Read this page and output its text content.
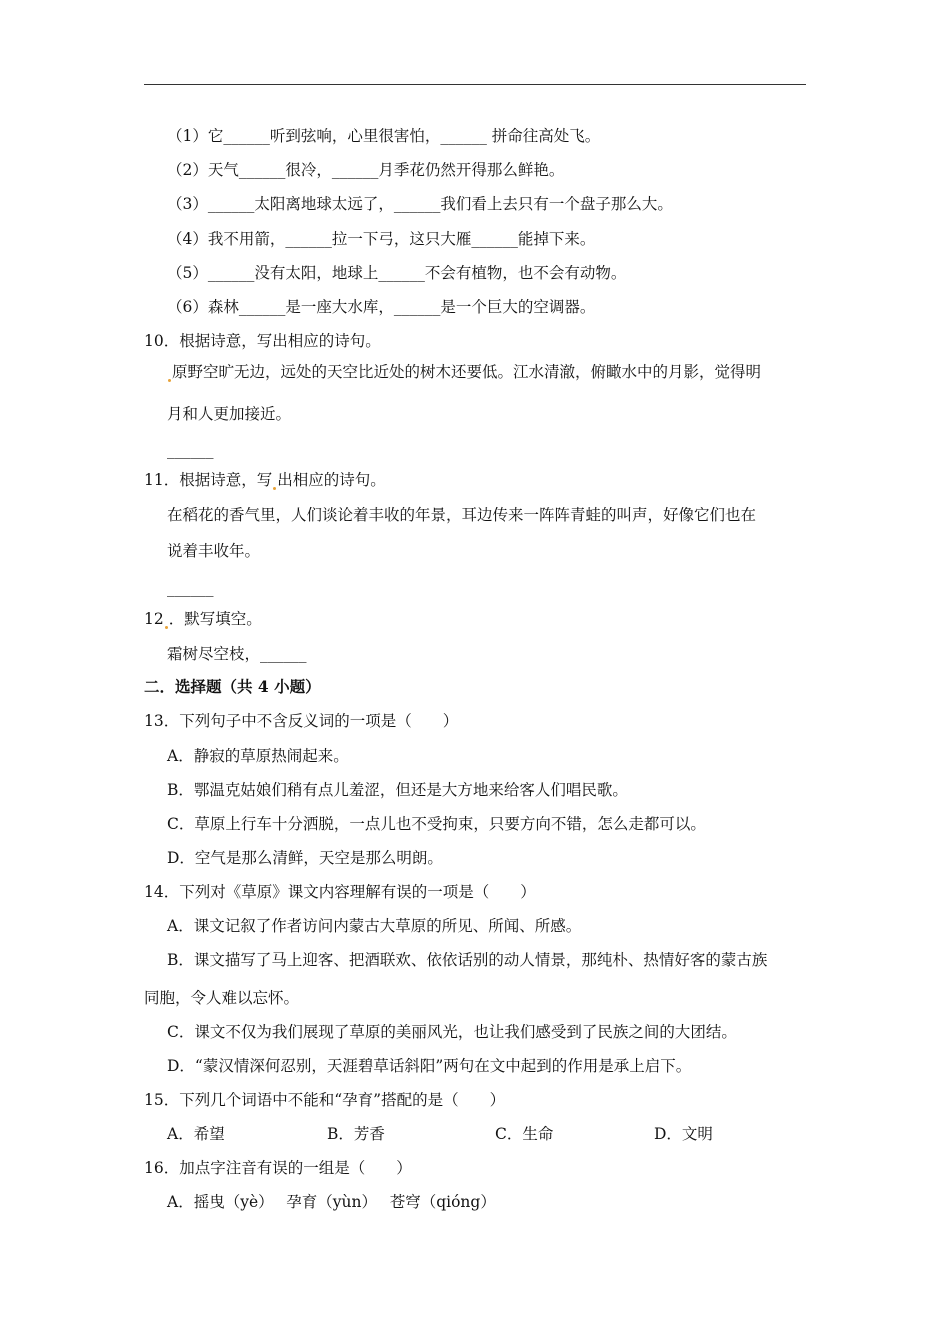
（1）它______听到弦响，心里很害怕，______ 拼命往高处飞。
（2）天气______很冷，______月季花仍然开得那么鲜艳。
（3）______太阳离地球太远了，______我们看上去只有一个盘子那么大。
（4）我不用箭，______拉一下弓，这只大雁______能掉下来。
（5）______没有太阳，地球上______不会有植物，也不会有动物。
（6）森林______是一座大水库，______是一个巨大的空调器。
10．根据诗意，写出相应的诗句。
原野空旷无边，远处的天空比近处的树木还要低。江水清澈，俯瞰水中的月影，觉得明
月和人更加接近。
______
11．根据诗意，写 出相应的诗句。
在稻花的香气里，人们谈论着丰收的年景，耳边传来一阵阵青蛙的叫声，好像它们也在
说着丰收年。
______
12 ．默写填空。
霜树尽空枝，______
二．选择题（共 4 小题）
13．下列句子中不含反义词的一项是（　　）
A．静寂的草原热闹起来。
B．鄂温克姑娘们稍有点儿羞涩，但还是大方地来给客人们唱民歌。
C．草原上行车十分洒脱，一点儿也不受拘束，只要方向不错，怎么走都可以。
D．空气是那么清鲜，天空是那么明朗。
14．下列对《草原》课文内容理解有误的一项是（　　）
A．课文记叙了作者访问内蒙古大草原的所见、所闻、所感。
B．课文描写了马上迎客、把酒联欢、依依话别的动人情景，那纯朴、热情好客的蒙古族
同胞，令人难以忘怀。
C．课文不仅为我们展现了草原的美丽风光，也让我们感受到了民族之间的大团结。
D．“蒙汉情深何忍别，天涯碧草话斜阳”两句在文中起到的作用是承上启下。
15．下列几个词语中不能和“孕育”搭配的是（　　）
A．希望	B．芳香	C．生命	D．文明
16．加点字注音有误的一组是（　　）
A．摇曳（yè）　 孕育（yùn）　 苍穹（qióng）
